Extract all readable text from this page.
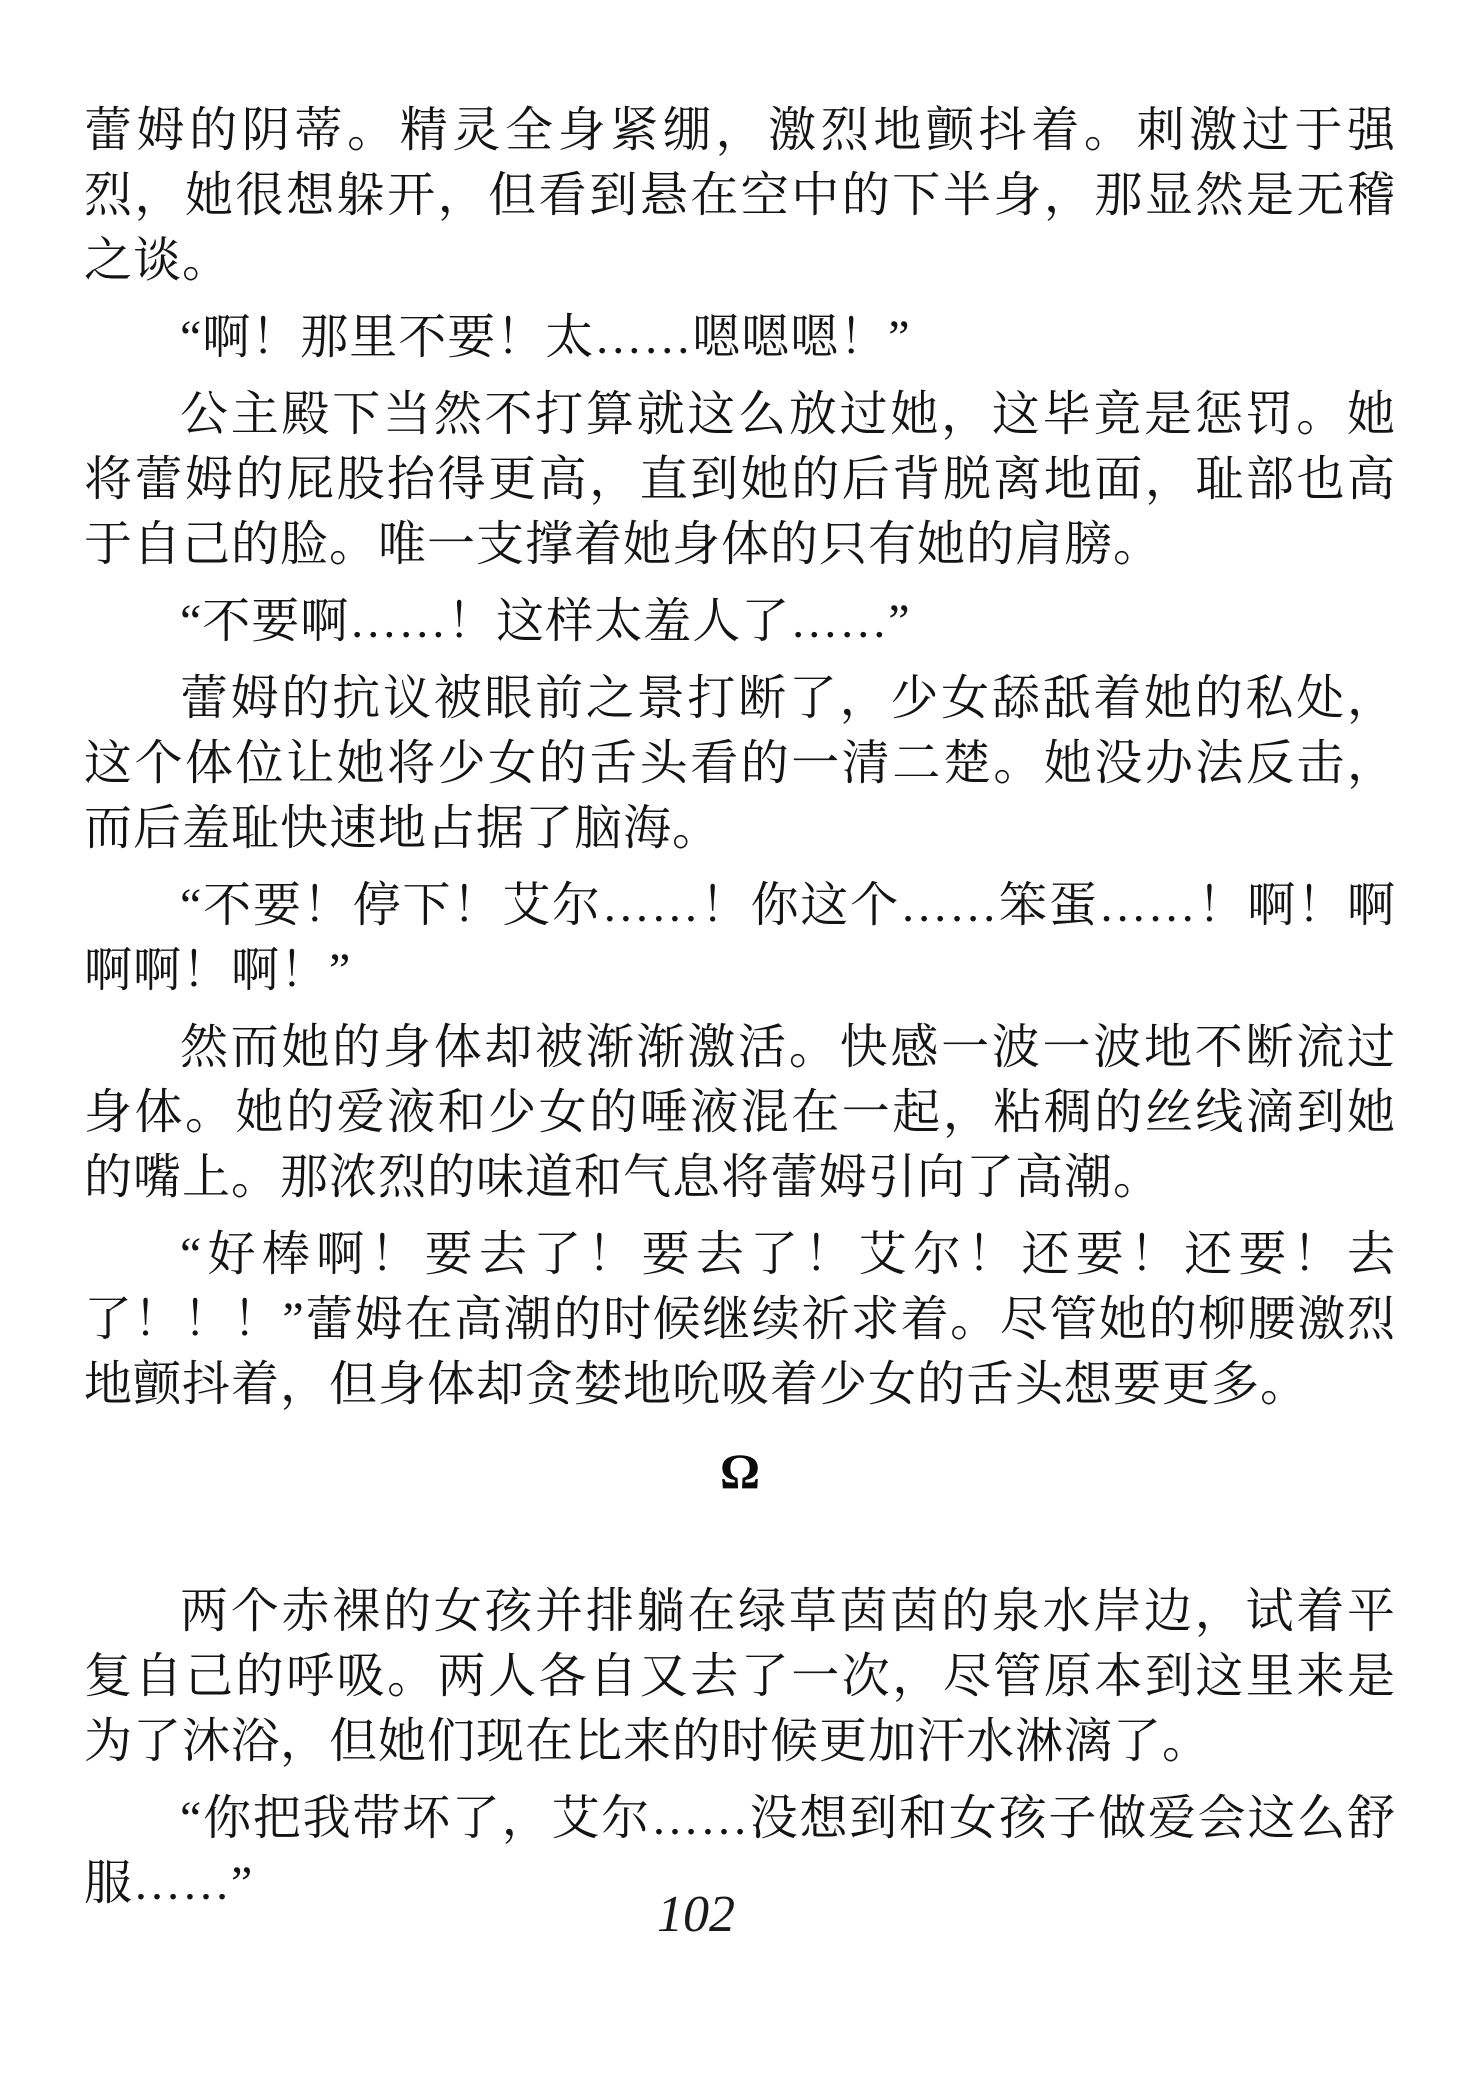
蕾姆的阴蒂。精灵全身紧绷，激烈地颤抖着。刺激过于强烈，她很想躲开，但看到悬在空中的下半身，那显然是无稽之谈。

“啊！那里不要！太……嗯嗯嗯！”

公主殿下当然不打算就这么放过她，这毕竟是惩罚。她将蕾姆的屁股抬得更高，直到她的后背脱离地面，耻部也高于自己的脸。唯一支撑着她身体的只有她的肩膀。

“不要啊……！这样太羞人了……”

蕾姆的抗议被眼前之景打断了，少女舔舐着她的私处，这个体位让她将少女的舌头看的一清二楚。她没办法反击，而后羞耻快速地占据了脑海。

“不要！停下！艾尔……！你这个……笨蛋……！啊！啊啊啊！啊！”

然而她的身体却被渐渐激活。快感一波一波地不断流过身体。她的爱液和少女的唾液混在一起，粘稠的丝线滴到她的嘴上。那浓烈的味道和气息将蕾姆引向了高潮。

“好棒啊！要去了！要去了！艾尔！还要！还要！去了！！！”蕾姆在高潮的时候继续祈求着。尽管她的柳腰激烈地颤抖着，但身体却贪婪地吮吸着少女的舌头想要更多。

Ω

两个赤裸的女孩并排躺在绿草茵茵的泉水岸边，试着平复自己的呼吸。两人各自又去了一次，尽管原本到这里来是为了沐浴，但她们现在比来的时候更加汗水淋漓了。

“你把我带坏了，艾尔……没想到和女孩子做爱会这么舒服……”

102
